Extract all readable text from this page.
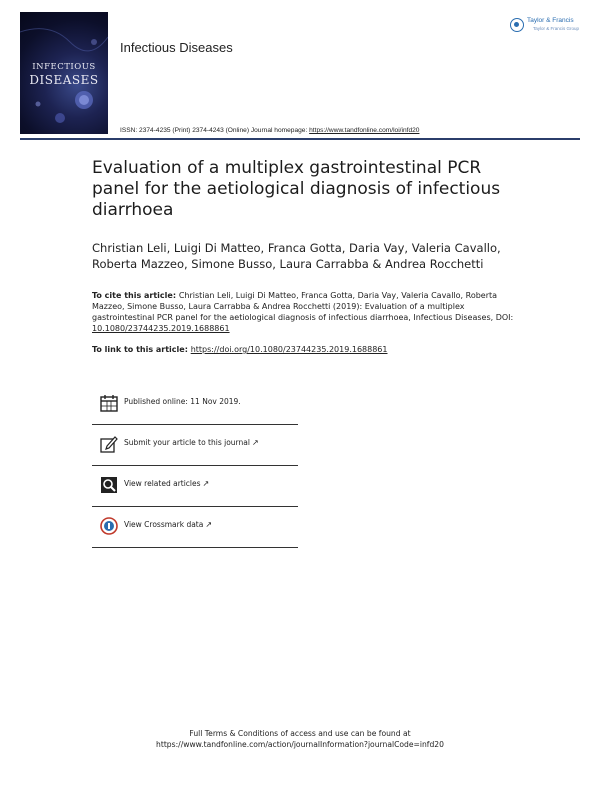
INFECTIOUS
DISEASES
Infectious Diseases
Taylor & Francis
Taylor & Francis Group
ISSN: 2374-4235 (Print) 2374-4243 (Online) Journal homepage: https://www.tandfonline.com/loi/infd20
Evaluation of a multiplex gastrointestinal PCR panel for the aetiological diagnosis of infectious diarrhoea
Christian Leli, Luigi Di Matteo, Franca Gotta, Daria Vay, Valeria Cavallo, Roberta Mazzeo, Simone Busso, Laura Carrabba & Andrea Rocchetti
To cite this article: Christian Leli, Luigi Di Matteo, Franca Gotta, Daria Vay, Valeria Cavallo, Roberta Mazzeo, Simone Busso, Laura Carrabba & Andrea Rocchetti (2019): Evaluation of a multiplex gastrointestinal PCR panel for the aetiological diagnosis of infectious diarrhoea, Infectious Diseases, DOI: 10.1080/23744235.2019.1688861
To link to this article: https://doi.org/10.1080/23744235.2019.1688861
Published online: 11 Nov 2019.
Submit your article to this journal ↗
View related articles ↗
View Crossmark data ↗
Full Terms & Conditions of access and use can be found at
https://www.tandfonline.com/action/journalInformation?journalCode=infd20
